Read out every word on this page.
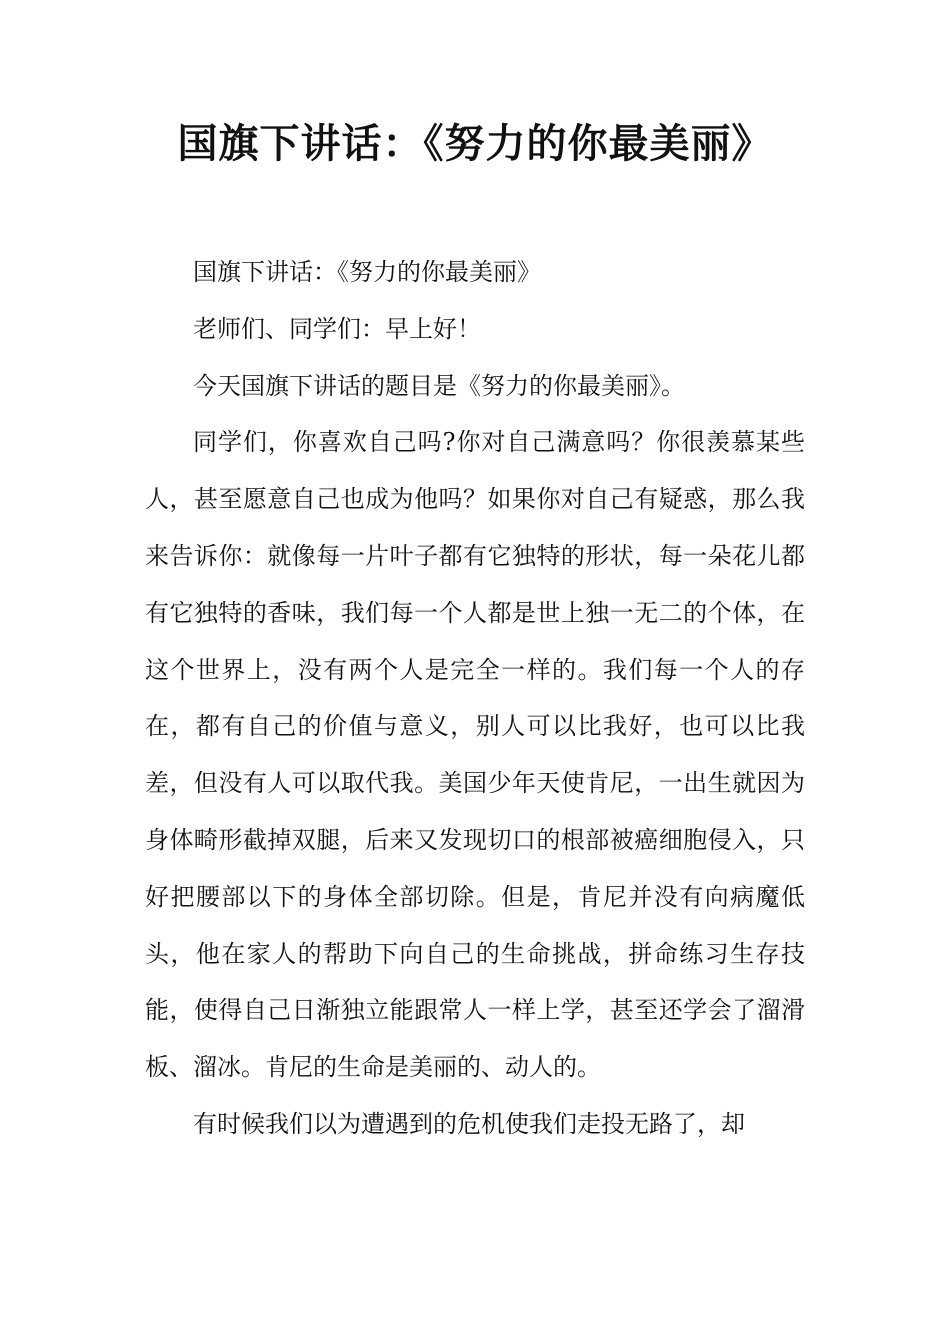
国旗下讲话：《努力的你最美丽》

国旗下讲话：《努力的你最美丽》

老师们、同学们：早上好！

今天国旗下讲话的题目是《努力的你最美丽》。

同学们，你喜欢自己吗?你对自己满意吗？你很羡慕某些人，甚至愿意自己也成为他吗？如果你对自己有疑惑，那么我来告诉你：就像每一片叶子都有它独特的形状，每一朵花儿都有它独特的香味，我们每一个人都是世上独一无二的个体，在这个世界上，没有两个人是完全一样的。我们每一个人的存在，都有自己的价值与意义，别人可以比我好，也可以比我差，但没有人可以取代我。美国少年天使肯尼，一出生就因为身体畸形截掉双腿，后来又发现切口的根部被癌细胞侵入，只好把腰部以下的身体全部切除。但是，肯尼并没有向病魔低头，他在家人的帮助下向自己的生命挑战，拼命练习生存技能，使得自己日渐独立能跟常人一样上学，甚至还学会了溜滑板、溜冰。肯尼的生命是美丽的、动人的。

有时候我们以为遭遇到的危机使我们走投无路了，却
